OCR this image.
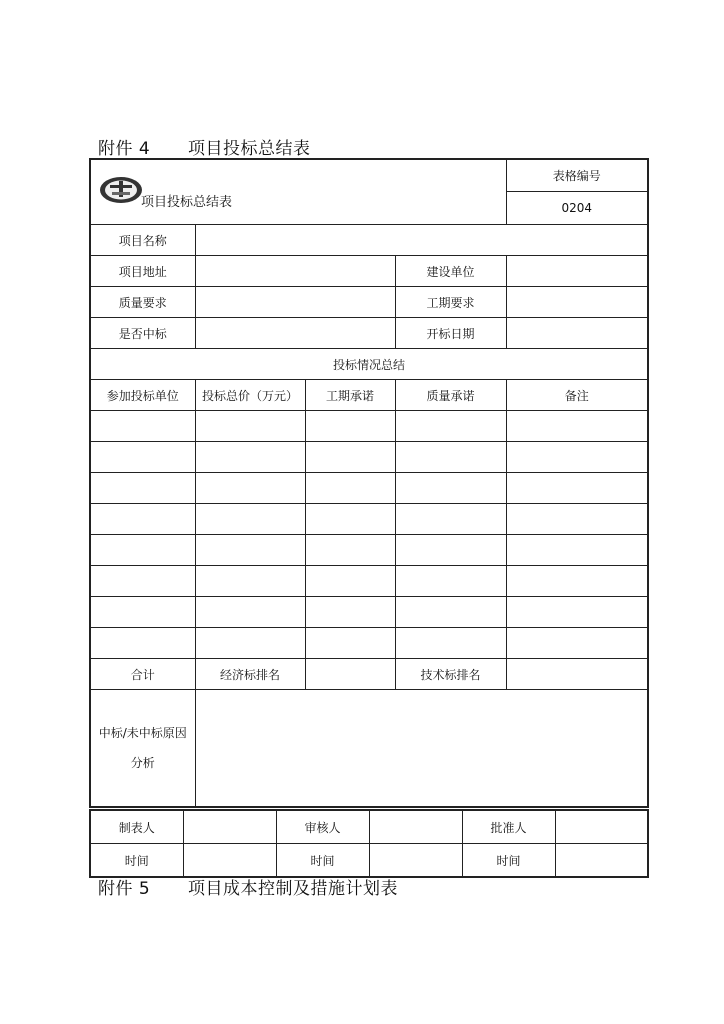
附件 4 项目投标总结表
项目投标总结表				表格编号
				0204
项目名称				
项目地址			建设单位	
质量要求			工期要求	
是否中标			开标日期	
投标情况总结				
参加投标单位	投标总价（万元）	工期承诺	质量承诺	备注

合计	经济标排名		技术标排名	

中标/未中标原因
分析				

制表人		审核人		批准人	
时间		时间		时间	
附件 5 项目成本控制及措施计划表
